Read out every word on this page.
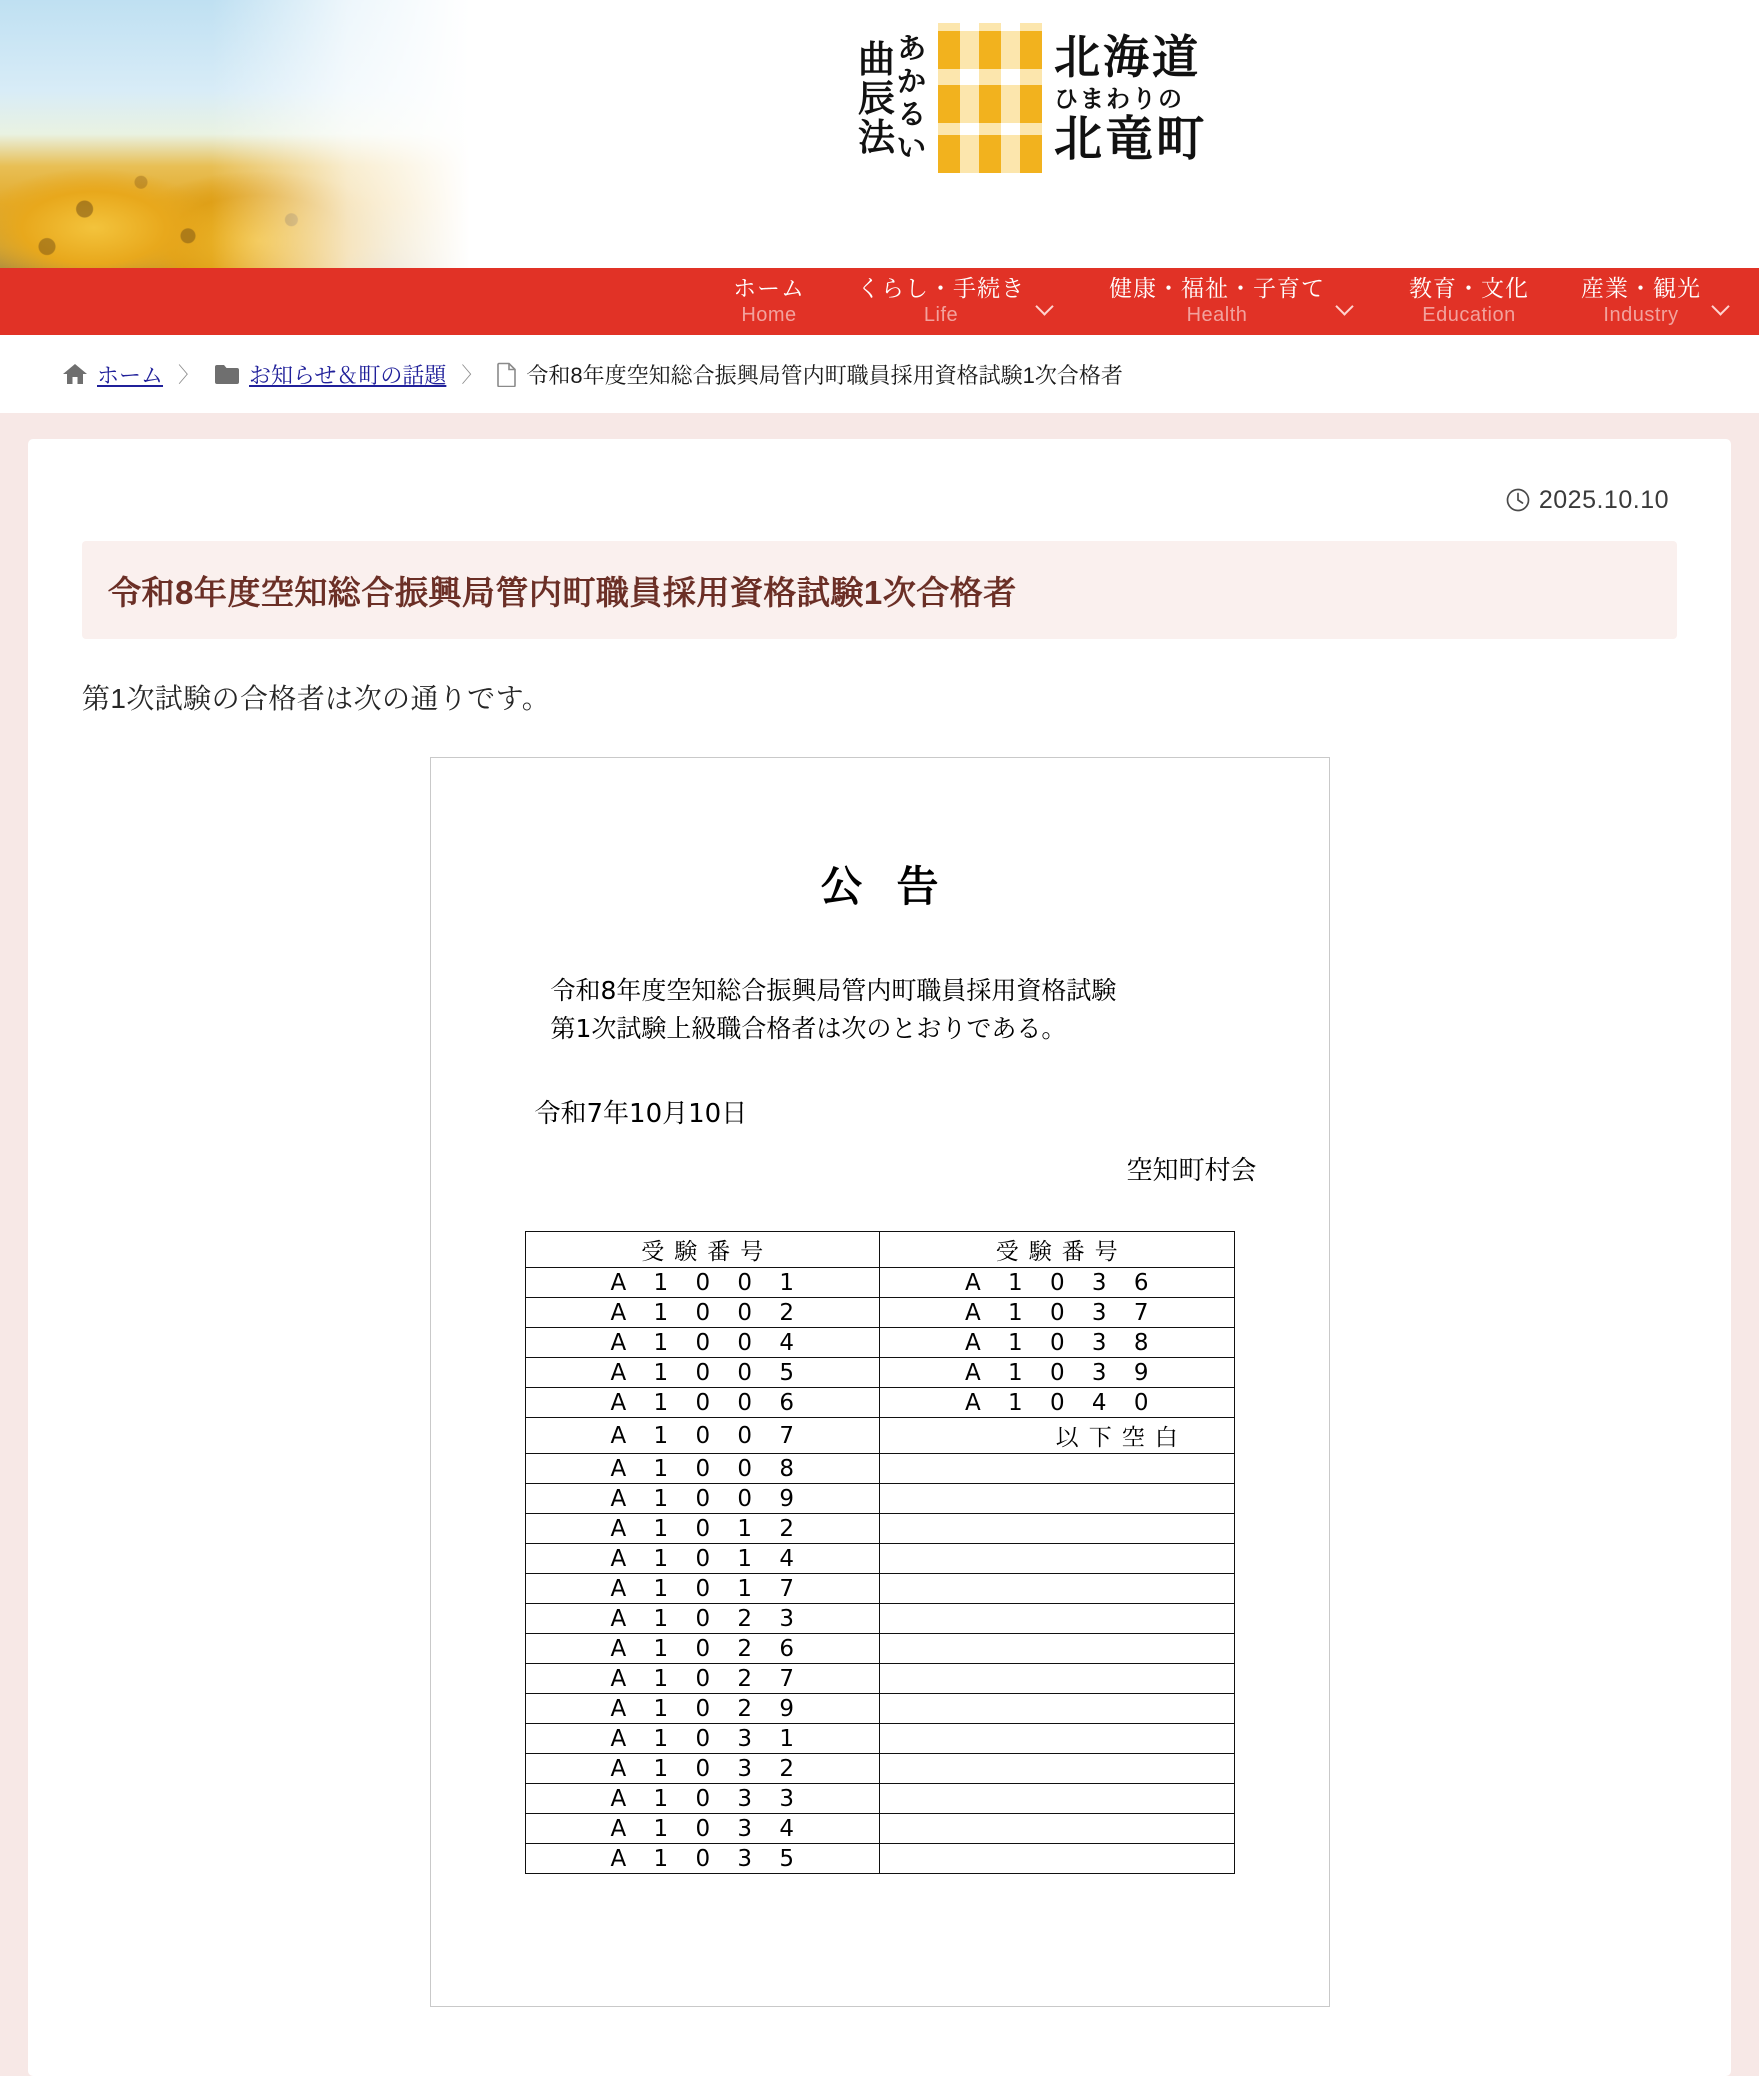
曲
辰
法
あ
か
る
い
北海道
ひまわりの
北竜町
ホーム
Home
くらし・手続き
Life
健康・福祉・子育て
Health
教育・文化
Education
産業・観光
Industry
ホーム 〉 お知らせ＆町の話題 〉 令和8年度空知総合振興局管内町職員採用資格試験1次合格者
2025.10.10
令和8年度空知総合振興局管内町職員採用資格試験1次合格者

第1次試験の合格者は次の通りです。

公告
令和8年度空知総合振興局管内町職員採用資格試験
第1次試験上級職合格者は次のとおりである。
令和7年10月10日
空知町村会
受験番号	受験番号
A 1 0 0 1	A 1 0 3 6
A 1 0 0 2	A 1 0 3 7
A 1 0 0 4	A 1 0 3 8
A 1 0 0 5	A 1 0 3 9
A 1 0 0 6	A 1 0 4 0
A 1 0 0 7	以下空白
A 1 0 0 8	
A 1 0 0 9	
A 1 0 1 2	
A 1 0 1 4	
A 1 0 1 7	
A 1 0 2 3	
A 1 0 2 6	
A 1 0 2 7	
A 1 0 2 9	
A 1 0 3 1	
A 1 0 3 2	
A 1 0 3 3	
A 1 0 3 4	
A 1 0 3 5	
